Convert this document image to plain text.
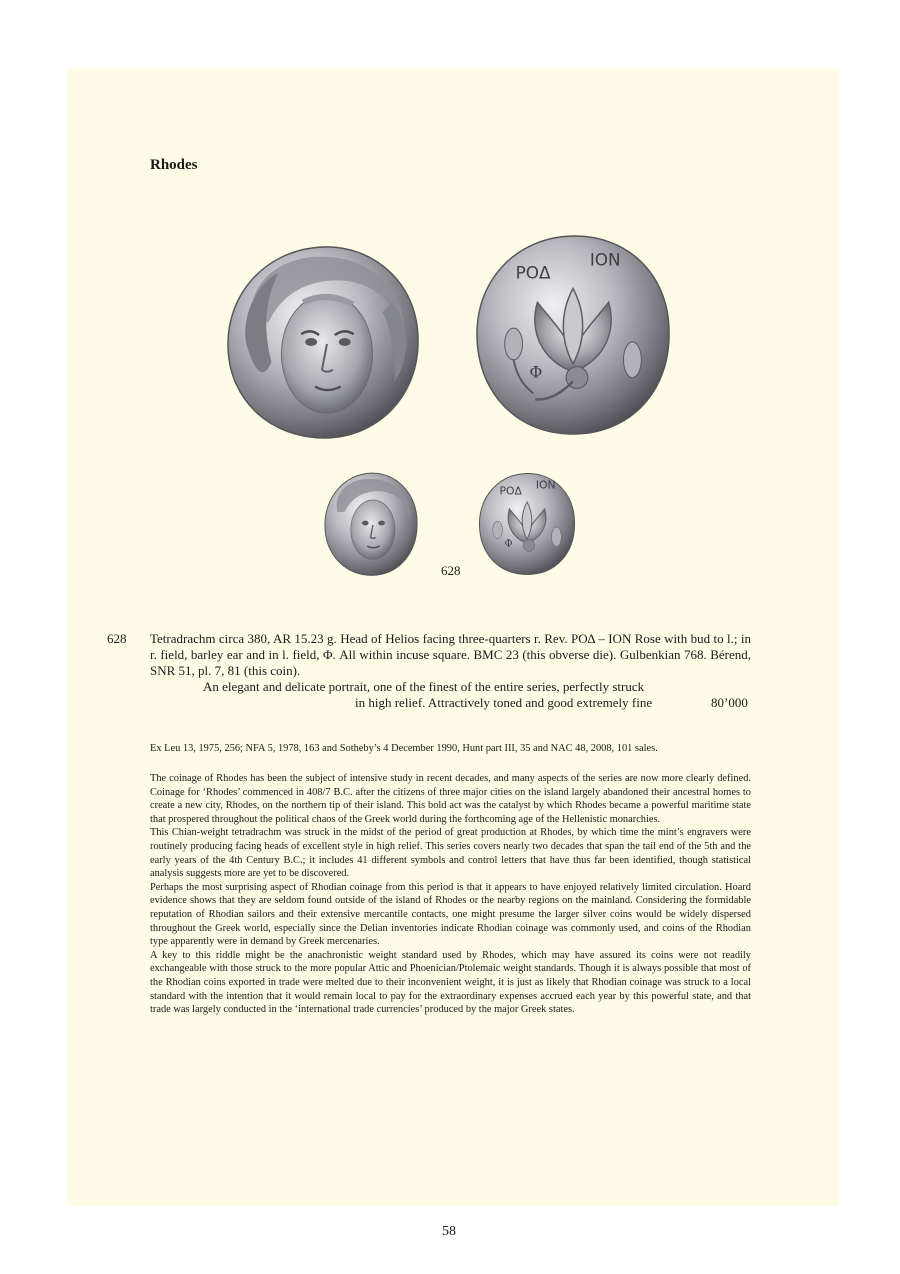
Rhodes
ΡΟΔ
ΙΟΝ
Φ
ΡΟΔ ΙΟΝ
Φ
628
628 Tetradrachm circa 380, AR 15.23 g. Head of Helios facing three-quarters r. Rev. ΡΟΔ – ΙΟΝ Rose with bud to l.; in r. field, barley ear and in l. field, Φ. All within incuse square. BMC 23 (this obverse die). Gulbenkian 768. Bérend, SNR 51, pl. 7, 81 (this coin).

An elegant and delicate portrait, one of the finest of the entire series, perfectly struck
in high relief. Attractively toned and good extremely fine	80’000

Ex Leu 13, 1975, 256; NFA 5, 1978, 163 and Sotheby’s 4 December 1990, Hunt part III, 35 and NAC 48, 2008, 101 sales.

The coinage of Rhodes has been the subject of intensive study in recent decades, and many aspects of the series are now more clearly defined. Coinage for ‘Rhodes’ commenced in 408/7 B.C. after the citizens of three major cities on the island largely abandoned their ancestral homes to create a new city, Rhodes, on the northern tip of their island. This bold act was the catalyst by which Rhodes became a powerful maritime state that prospered throughout the political chaos of the Greek world during the forthcoming age of the Hellenistic monarchies.

This Chian-weight tetradrachm was struck in the midst of the period of great production at Rhodes, by which time the mint’s engravers were routinely producing facing heads of excellent style in high relief. This series covers nearly two decades that span the tail end of the 5th and the early years of the 4th Century B.C.; it includes 41 different symbols and control letters that have thus far been identified, though statistical analysis suggests more are yet to be discovered.

Perhaps the most surprising aspect of Rhodian coinage from this period is that it appears to have enjoyed relatively limited circulation. Hoard evidence shows that they are seldom found outside of the island of Rhodes or the nearby regions on the mainland. Considering the formidable reputation of Rhodian sailors and their extensive mercantile contacts, one might presume the larger silver coins would be widely dispersed throughout the Greek world, especially since the Delian inventories indicate Rhodian coinage was commonly used, and coins of the Rhodian type apparently were in demand by Greek mercenaries.

A key to this riddle might be the anachronistic weight standard used by Rhodes, which may have assured its coins were not readily exchangeable with those struck to the more popular Attic and Phoenician/Ptolemaic weight standards. Though it is always possible that most of the Rhodian coins exported in trade were melted due to their inconvenient weight, it is just as likely that Rhodian coinage was struck to a local standard with the intention that it would remain local to pay for the extraordinary expenses accrued each year by this powerful state, and that trade was largely conducted in the ‘international trade currencies’ produced by the major Greek states.

58
